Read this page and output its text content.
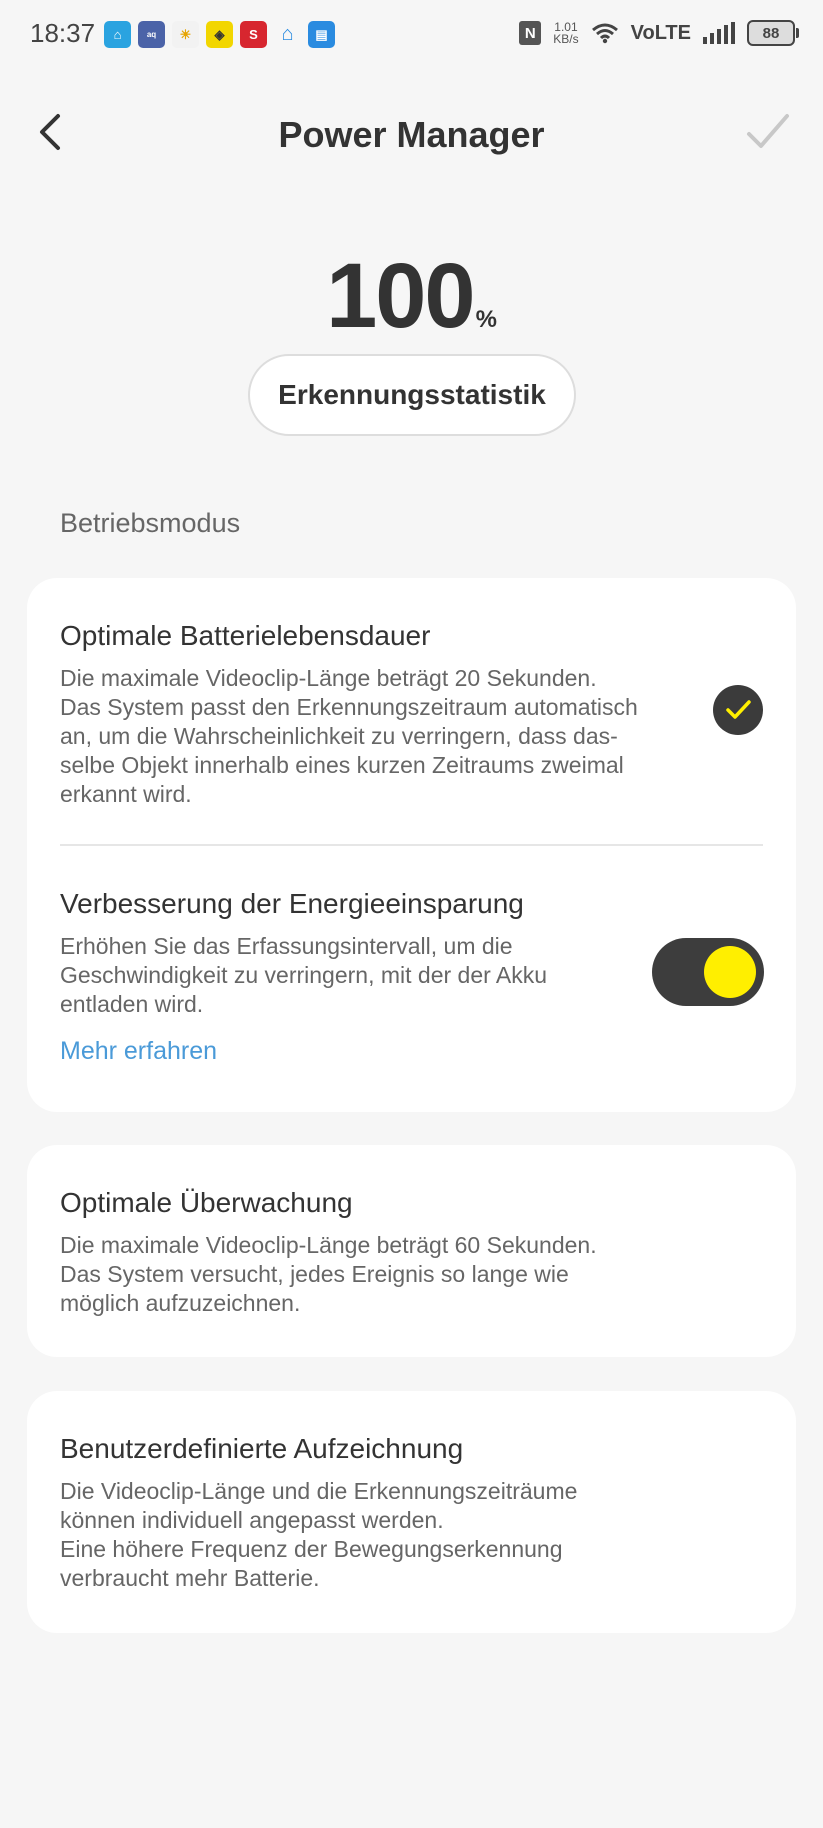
18:37	⌂	aq	☀	◈	S	⌂	▤	N	1.01
KB/s	VoLTE	88
Power Manager
100%
Erkennungsstatistik
Betriebsmodus
Optimale Batterielebensdauer
Die maximale Videoclip-Länge beträgt 20 Sekunden.
Das System passt den Erkennungszeitraum automatisch
an, um die Wahrscheinlichkeit zu verringern, dass das-
selbe Objekt innerhalb eines kurzen Zeitraums zweimal
erkannt wird.
Verbesserung der Energieeinsparung
Erhöhen Sie das Erfassungsintervall, um die
Geschwindigkeit zu verringern, mit der der Akku
entladen wird.
Mehr erfahren
Optimale Überwachung
Die maximale Videoclip-Länge beträgt 60 Sekunden.
Das System versucht, jedes Ereignis so lange wie
möglich aufzuzeichnen.
Benutzerdefinierte Aufzeichnung
Die Videoclip-Länge und die Erkennungszeiträume
können individuell angepasst werden.
Eine höhere Frequenz der Bewegungserkennung
verbraucht mehr Batterie.
